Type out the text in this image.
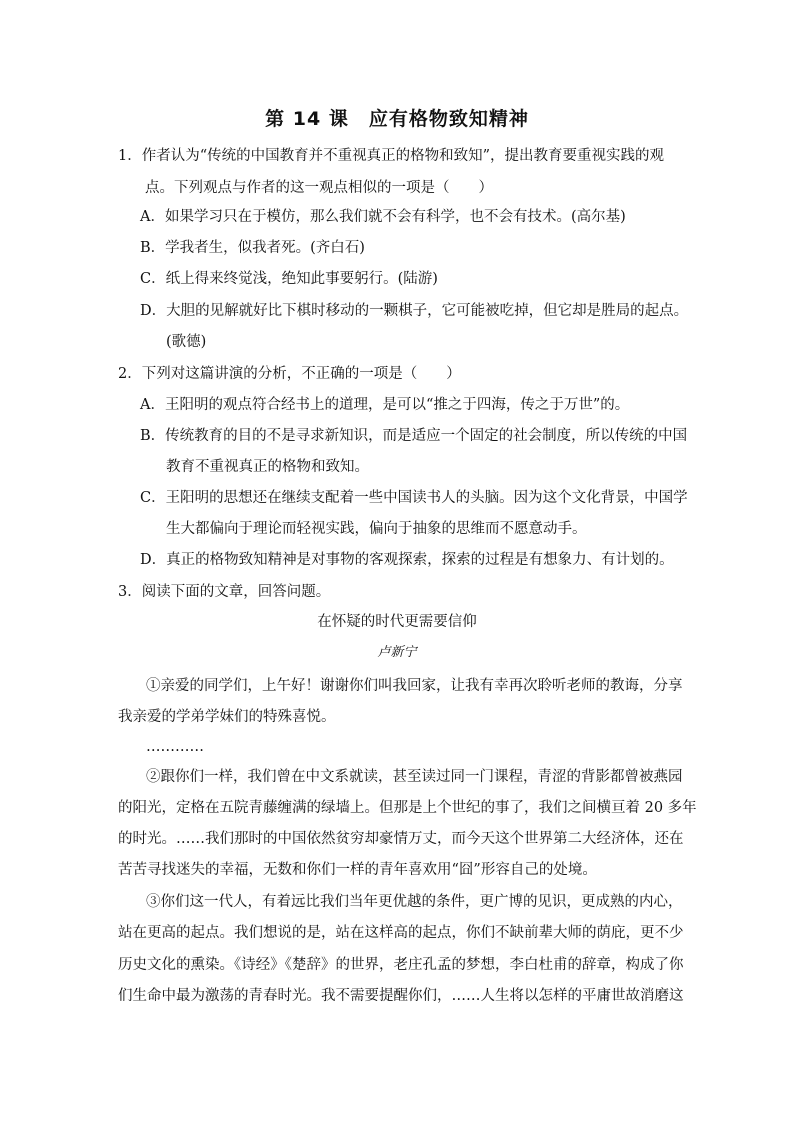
第 14 课　应有格物致知精神
1．作者认为“传统的中国教育并不重视真正的格物和致知”，提出教育要重视实践的观
点。下列观点与作者的这一观点相似的一项是（　　）
A．如果学习只在于模仿，那么我们就不会有科学，也不会有技术。(高尔基)
B．学我者生，似我者死。(齐白石)
C．纸上得来终觉浅，绝知此事要躬行。(陆游)
D．大胆的见解就好比下棋时移动的一颗棋子，它可能被吃掉，但它却是胜局的起点。
(歌德)
2．下列对这篇讲演的分析，不正确的一项是（　　）
A．王阳明的观点符合经书上的道理，是可以“推之于四海，传之于万世”的。
B．传统教育的目的不是寻求新知识，而是适应一个固定的社会制度，所以传统的中国
教育不重视真正的格物和致知。
C．王阳明的思想还在继续支配着一些中国读书人的头脑。因为这个文化背景，中国学
生大都偏向于理论而轻视实践，偏向于抽象的思维而不愿意动手。
D．真正的格物致知精神是对事物的客观探索，探索的过程是有想象力、有计划的。
3．阅读下面的文章，回答问题。
在怀疑的时代更需要信仰
卢新宁
①亲爱的同学们，上午好！谢谢你们叫我回家，让我有幸再次聆听老师的教诲，分享
我亲爱的学弟学妹们的特殊喜悦。
…………
②跟你们一样，我们曾在中文系就读，甚至读过同一门课程，青涩的背影都曾被燕园
的阳光，定格在五院青藤缠满的绿墙上。但那是上个世纪的事了，我们之间横亘着 20 多年
的时光。……我们那时的中国依然贫穷却豪情万丈，而今天这个世界第二大经济体，还在
苦苦寻找迷失的幸福，无数和你们一样的青年喜欢用“囧”形容自己的处境。
③你们这一代人，有着远比我们当年更优越的条件，更广博的见识，更成熟的内心，
站在更高的起点。我们想说的是，站在这样高的起点，你们不缺前辈大师的荫庇，更不少
历史文化的熏染。《诗经》《楚辞》的世界，老庄孔孟的梦想，李白杜甫的辞章，构成了你
们生命中最为激荡的青春时光。我不需要提醒你们，……人生将以怎样的平庸世故消磨这
